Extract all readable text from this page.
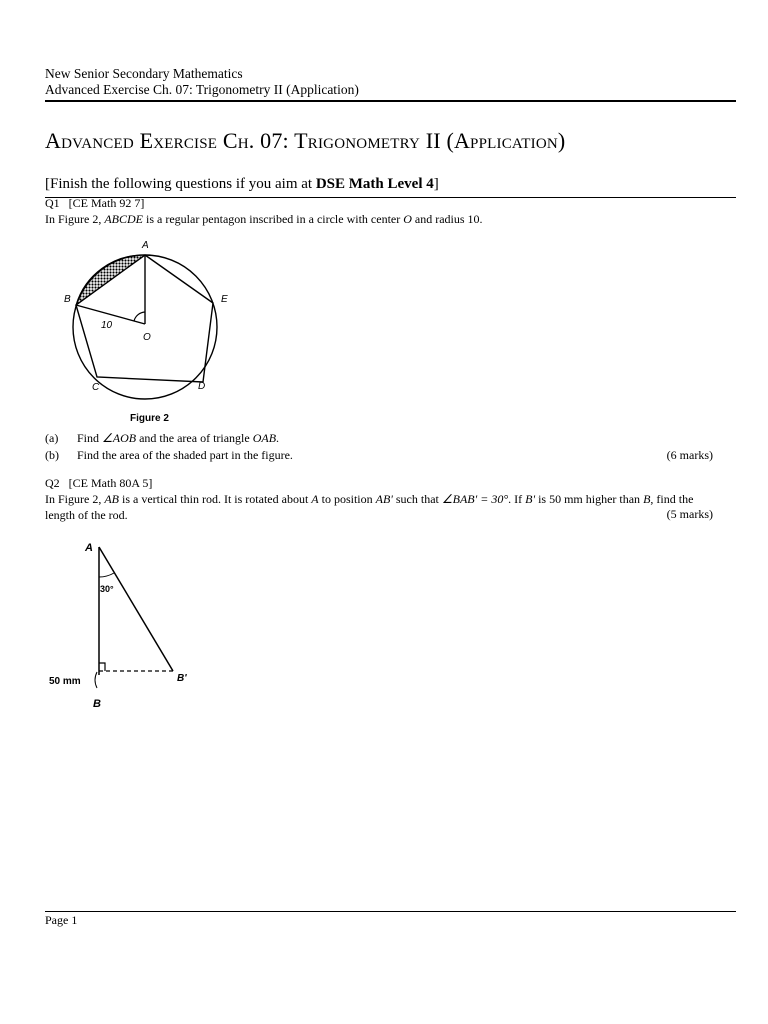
New Senior Secondary Mathematics
Advanced Exercise Ch. 07: Trigonometry II (Application)
Advanced Exercise Ch. 07: Trigonometry II (Application)
[Finish the following questions if you aim at DSE Math Level 4]
Q1 [CE Math 92 7]
In Figure 2, ABCDE is a regular pentagon inscribed in a circle with center O and radius 10.
A
B	E
C	D
O
10
Figure 2
(a) Find ∠AOB and the area of triangle OAB.
(b) Find the area of the shaded part in the figure.	(6 marks)
Q2 [CE Math 80A 5]
In Figure 2, AB is a vertical thin rod. It is rotated about A to position AB' such that ∠BAB′ = 30°. If B' is 50 mm higher than B, find the
length of the rod.	(5 marks)
A
B
B'
30°
50 mm
Page 1
